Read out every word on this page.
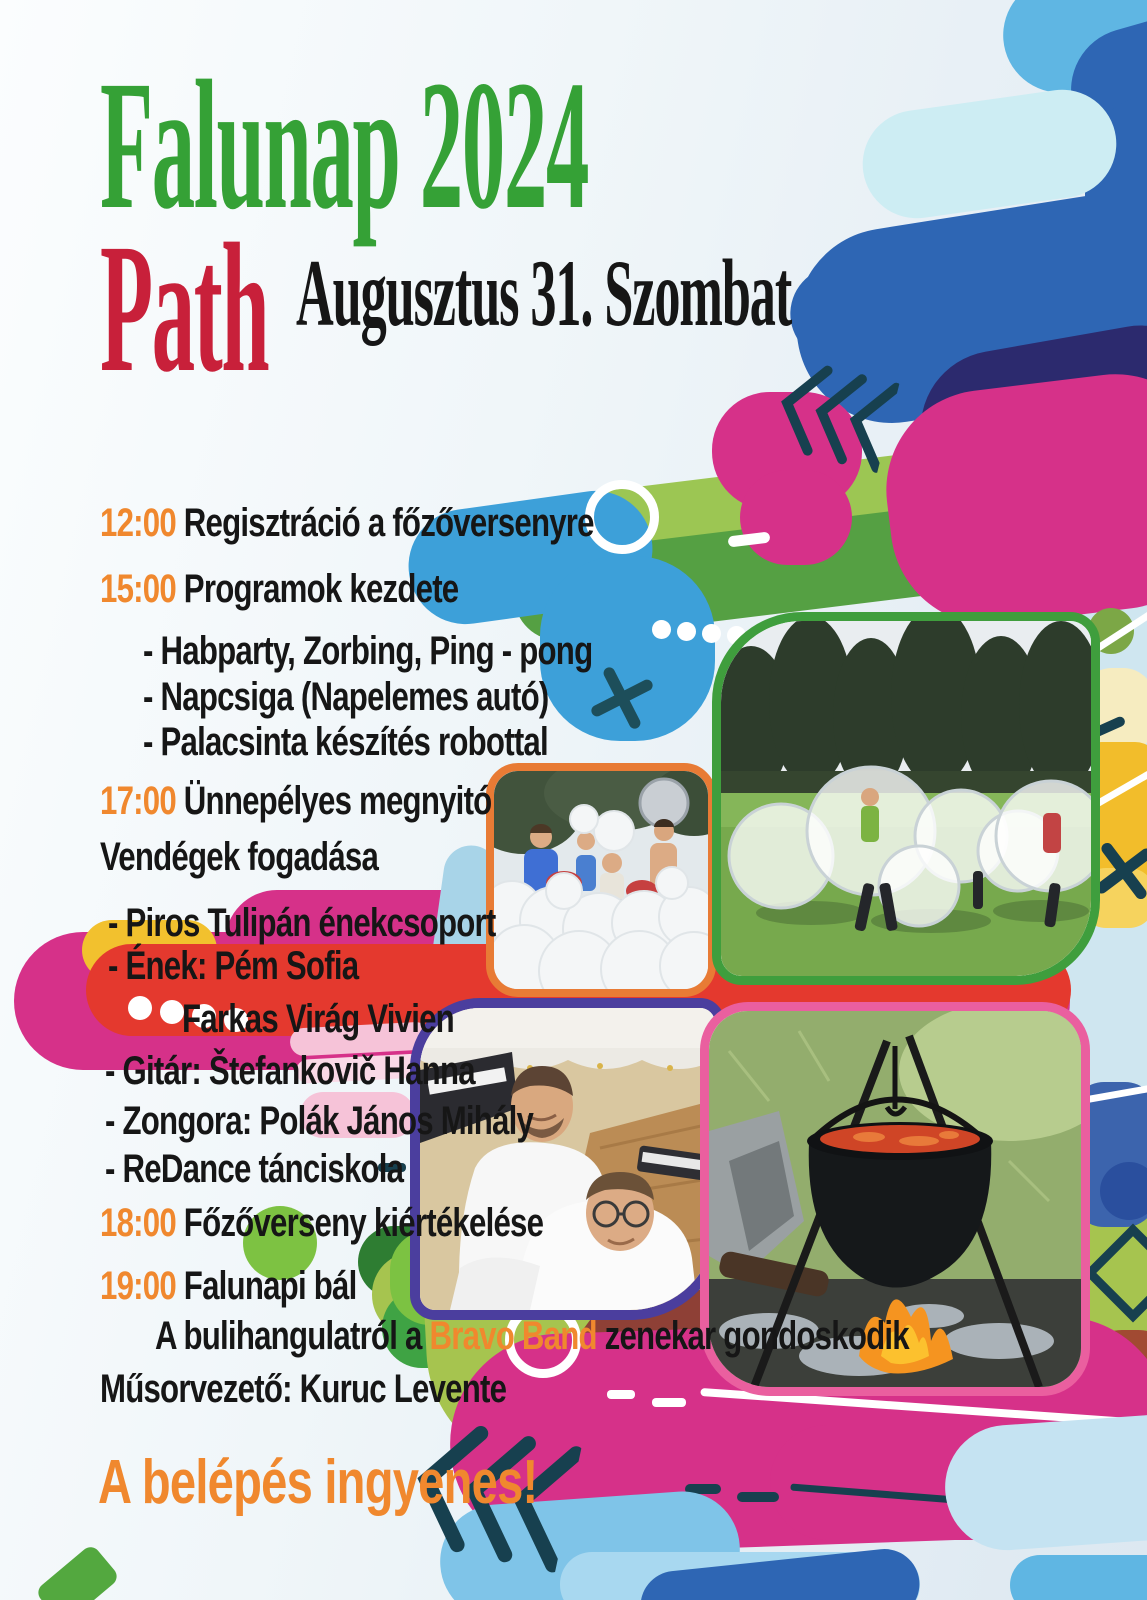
Falunap 2024
Path Augusztus 31. Szombat
12:00 Regisztráció a főzőversenyre
15:00 Programok kezdete
- Habparty, Zorbing, Ping - pong
- Napcsiga (Napelemes autó)
- Palacsinta készítés robottal
17:00 Ünnepélyes megnyitó
Vendégek fogadása
- Piros Tulipán énekcsoport
- Ének: Pém Sofia
Farkas Virág Vivien
- Gitár: Štefankovič Hanna
- Zongora: Polák János Mihály
- ReDance tánciskola
18:00 Főzőverseny kiértékelése
19:00 Falunapi bál
A bulihangulatról a Bravo Band zenekar gondoskodik
Műsorvezető: Kuruc Levente
A belépés ingyenes!
